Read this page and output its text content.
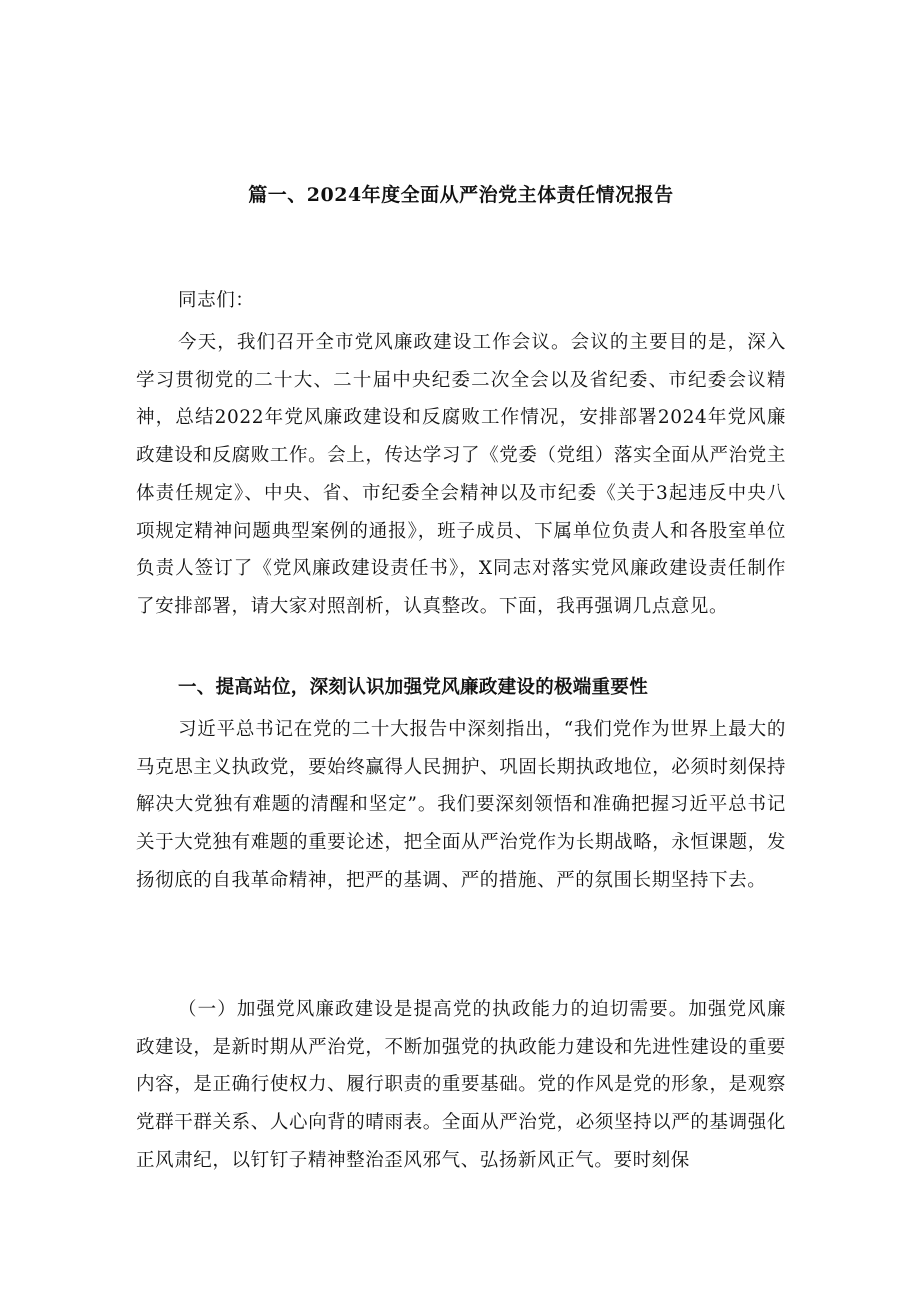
篇一、2024年度全面从严治党主体责任情况报告
同志们：

今天，我们召开全市党风廉政建设工作会议。会议的主要目的是，深入学习贯彻党的二十大、二十届中央纪委二次全会以及省纪委、市纪委会议精神，总结2022年党风廉政建设和反腐败工作情况，安排部署2024年党风廉政建设和反腐败工作。会上，传达学习了《党委（党组）落实全面从严治党主体责任规定》、中央、省、市纪委全会精神以及市纪委《关于3起违反中央八项规定精神问题典型案例的通报》，班子成员、下属单位负责人和各股室单位负责人签订了《党风廉政建设责任书》，X同志对落实党风廉政建设责任制作了安排部署，请大家对照剖析，认真整改。下面，我再强调几点意见。

一、提高站位，深刻认识加强党风廉政建设的极端重要性

习近平总书记在党的二十大报告中深刻指出，“我们党作为世界上最大的马克思主义执政党，要始终赢得人民拥护、巩固长期执政地位，必须时刻保持解决大党独有难题的清醒和坚定”。我们要深刻领悟和准确把握习近平总书记关于大党独有难题的重要论述，把全面从严治党作为长期战略，永恒课题，发扬彻底的自我革命精神，把严的基调、严的措施、严的氛围长期坚持下去。

（一）加强党风廉政建设是提高党的执政能力的迫切需要。加强党风廉政建设，是新时期从严治党，不断加强党的执政能力建设和先进性建设的重要内容，是正确行使权力、履行职责的重要基础。党的作风是党的形象，是观察党群干群关系、人心向背的晴雨表。全面从严治党，必须坚持以严的基调强化正风肃纪，以钉钉子精神整治歪风邪气、弘扬新风正气。要时刻保
